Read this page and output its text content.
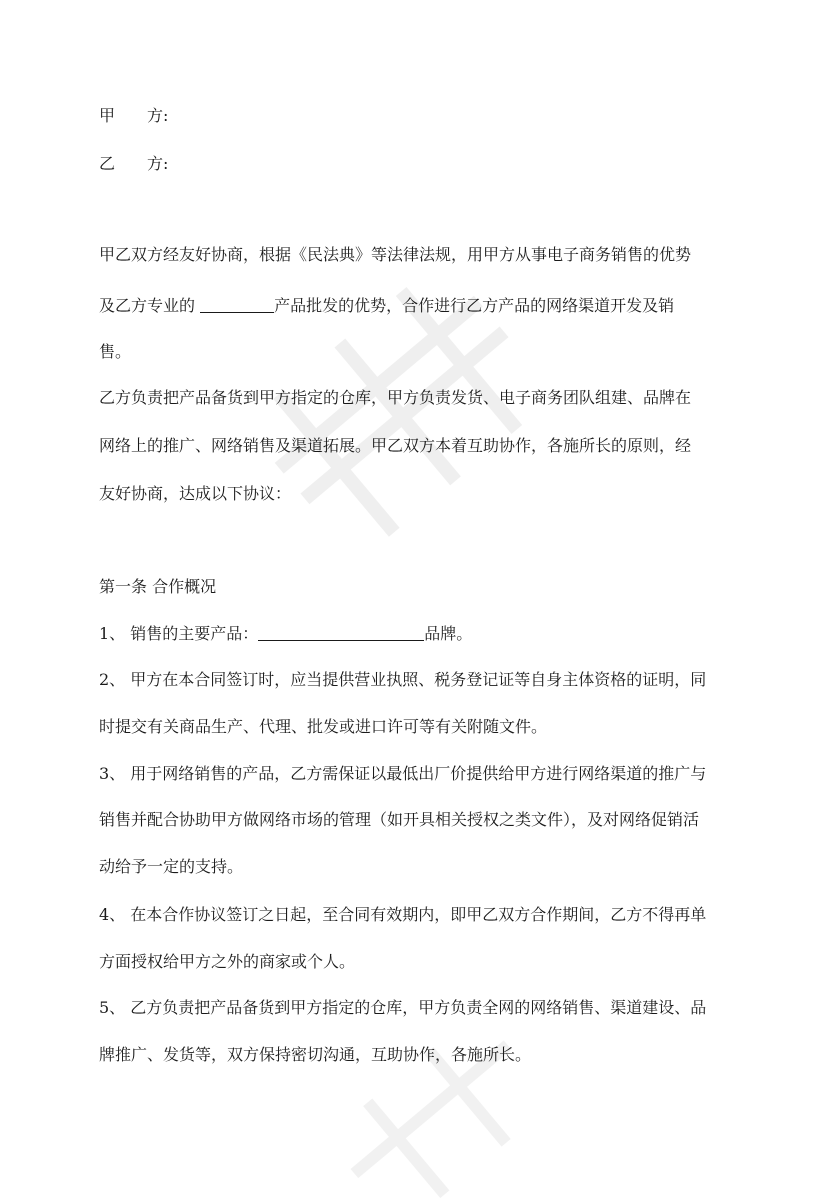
甲 方:
乙 方:
甲乙双方经友好协商，根据《民法典》等法律法规，用甲方从事电子商务销售的优势
及乙方专业的	产品批发的优势，合作进行乙方产品的网络渠道开发及销
售。
乙方负责把产品备货到甲方指定的仓库，甲方负责发货、电子商务团队组建、品牌在
网络上的推广、网络销售及渠道拓展。甲乙双方本着互助协作，各施所长的原则，经
友好协商，达成以下协议：
第一条 合作概况
1、 销售的主要产品：	品牌。
2、 甲方在本合同签订时，应当提供营业执照、税务登记证等自身主体资格的证明，同
时提交有关商品生产、代理、批发或进口许可等有关附随文件。
3、 用于网络销售的产品，乙方需保证以最低出厂价提供给甲方进行网络渠道的推广与
销售并配合协助甲方做网络市场的管理（如开具相关授权之类文件），及对网络促销活
动给予一定的支持。
4、 在本合作协议签订之日起，至合同有效期内，即甲乙双方合作期间，乙方不得再单
方面授权给甲方之外的商家或个人。
5、 乙方负责把产品备货到甲方指定的仓库，甲方负责全网的网络销售、渠道建设、品
牌推广、发货等，双方保持密切沟通，互助协作，各施所长。
